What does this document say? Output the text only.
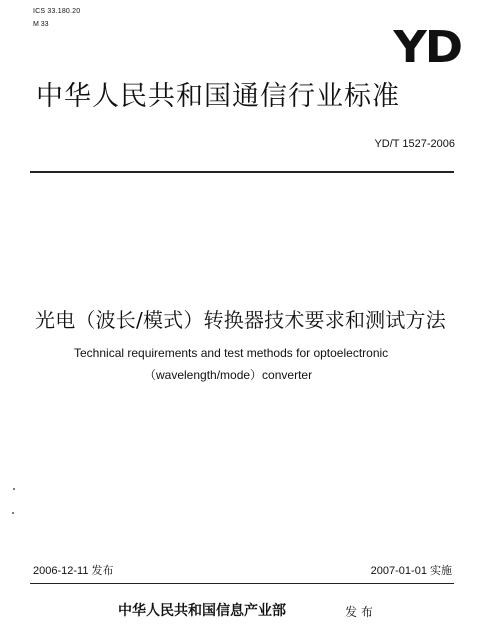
ICS 33.180.20
M 33	YD
中华人民共和国通信行业标准
YD/T 1527-2006
光电（波长/模式）转换器技术要求和测试方法
Technical requirements and test methods for optoelectronic
（wavelength/mode）converter
2006-12-11 发布	2007-01-01 实施
中华人民共和国信息产业部	发 布
